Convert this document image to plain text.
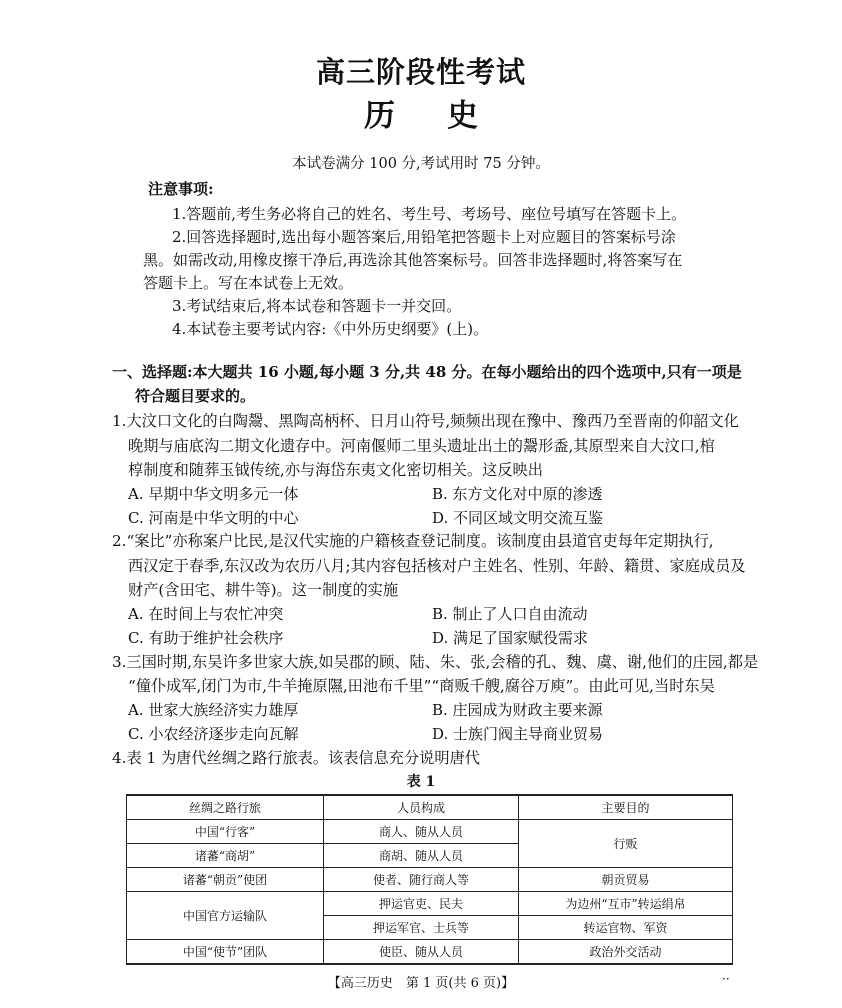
高三阶段性考试
历史
本试卷满分 100 分,考试用时 75 分钟。
注意事项:
1.答题前,考生务必将自己的姓名、考生号、考场号、座位号填写在答题卡上。
2.回答选择题时,选出每小题答案后,用铅笔把答题卡上对应题目的答案标号涂
黑。如需改动,用橡皮擦干净后,再选涂其他答案标号。回答非选择题时,将答案写在
答题卡上。写在本试卷上无效。
3.考试结束后,将本试卷和答题卡一并交回。
4.本试卷主要考试内容:《中外历史纲要》(上)。
一、选择题:本大题共 16 小题,每小题 3 分,共 48 分。在每小题给出的四个选项中,只有一项是
符合题目要求的。
1.大汶口文化的白陶鬶、黑陶高柄杯、日月山符号,频频出现在豫中、豫西乃至晋南的仰韶文化
晚期与庙底沟二期文化遗存中。河南偃师二里头遗址出土的鬶形盉,其原型来自大汶口,棺
椁制度和随葬玉钺传统,亦与海岱东夷文化密切相关。这反映出
A. 早期中华文明多元一体	B. 东方文化对中原的渗透
C. 河南是中华文明的中心	D. 不同区域文明交流互鉴
2.“案比”亦称案户比民,是汉代实施的户籍核查登记制度。该制度由县道官吏每年定期执行,
西汉定于春季,东汉改为农历八月;其内容包括核对户主姓名、性别、年龄、籍贯、家庭成员及
财产(含田宅、耕牛等)。这一制度的实施
A. 在时间上与农忙冲突	B. 制止了人口自由流动
C. 有助于维护社会秩序	D. 满足了国家赋役需求
3.三国时期,东吴许多世家大族,如吴郡的顾、陆、朱、张,会稽的孔、魏、虞、谢,他们的庄园,都是
“僮仆成军,闭门为市,牛羊掩原隰,田池布千里”“商贩千艘,腐谷万庾”。由此可见,当时东吴
A. 世家大族经济实力雄厚	B. 庄园成为财政主要来源
C. 小农经济逐步走向瓦解	D. 士族门阀主导商业贸易
4.表 1 为唐代丝绸之路行旅表。该表信息充分说明唐代
表 1
丝绸之路行旅	人员构成	主要目的
中国“行客”	商人、随从人员	行贩
诸蕃“商胡”	商胡、随从人员	
诸蕃“朝贡”使团	使者、随行商人等	朝贡贸易
中国官方运输队	押运官吏、民夫	为边州“互市”转运绢帛
	押运军官、士兵等	转运官物、军资
中国“使节”团队	使臣、随从人员	政治外交活动
【高三历史　第 1 页(共 6 页)】	··
